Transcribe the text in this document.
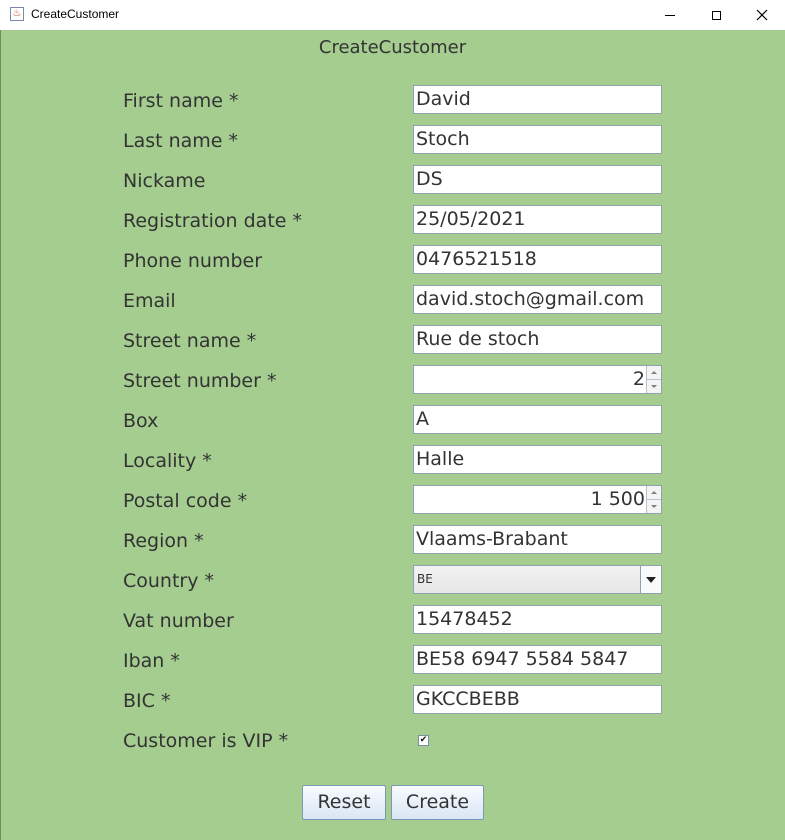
♨ CreateCustomer
CreateCustomer
First name *	David
Last name *	Stoch
Nickame	DS
Registration date *	25/05/2021
Phone number	0476521518
Email	david.stoch@gmail.com
Street name *	Rue de stoch
Street number *	2
Box	A
Locality *	Halle
Postal code *	1 500
Region *	Vlaams-Brabant
Country *	BE
Vat number	15478452
Iban *	BE58 6947 5584 5847
BIC *	GKCCBEBB
Customer is VIP *	✔
Reset	Create
